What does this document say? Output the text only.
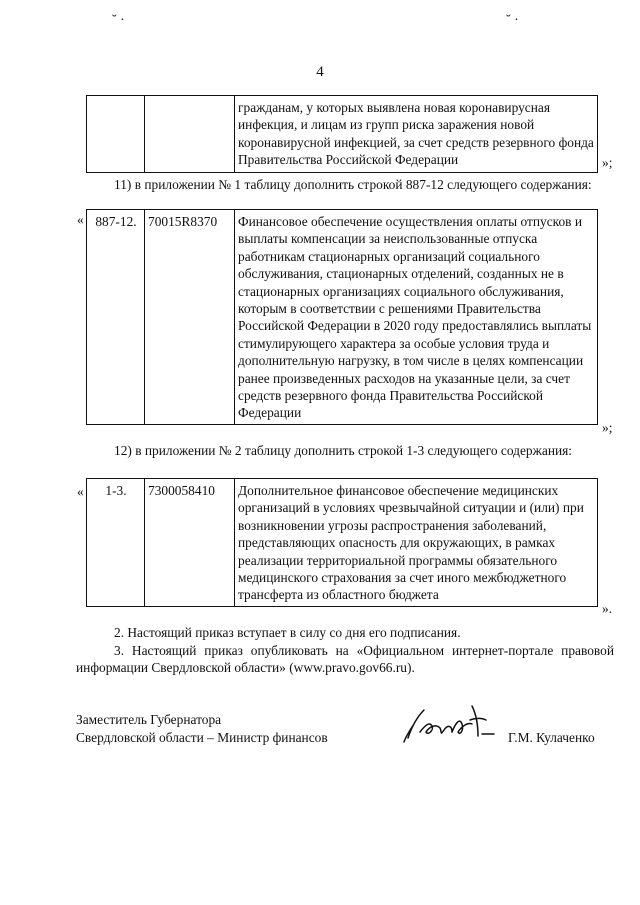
˘ ·	˘ ·
4
		гражданам, у которых выявлена новая коронавирусная инфекция, и лицам из групп риска заражения новой коронавирусной инфекцией, за счет средств резервного фонда Правительства Российской Федерации	»;
11) в приложении № 1 таблицу дополнить строкой 887-12 следующего содержания:
« 887-12.	70015R8370	Финансовое обеспечение осуществления оплаты отпусков и выплаты компенсации за неиспользованные отпуска работникам стационарных организаций социального обслуживания, стационарных отделений, созданных не в стационарных организациях социального обслуживания, которым в соответствии с решениями Правительства Российской Федерации в 2020 году предоставлялись выплаты стимулирующего характера за особые условия труда и дополнительную нагрузку, в том числе в целях компенсации ранее произведенных расходов на указанные цели, за счет средств резервного фонда Правительства Российской Федерации
»;
12) в приложении № 2 таблицу дополнить строкой 1-3 следующего содержания:
« 1-3.	7300058410	Дополнительное финансовое обеспечение медицинских организаций в условиях чрезвычайной ситуации и (или) при возникновении угрозы распространения заболеваний, представляющих опасность для окружающих, в рамках реализации территориальной программы обязательного медицинского страхования за счет иного межбюджетного трансферта из областного бюджета
».
2. Настоящий приказ вступает в силу со дня его подписания.
3. Настоящий приказ опубликовать на «Официальном интернет-портале правовой информации Свердловской области» (www.pravo.gov66.ru).
Заместитель Губернатора
Свердловской области – Министр финансов	Г.М. Кулаченко
